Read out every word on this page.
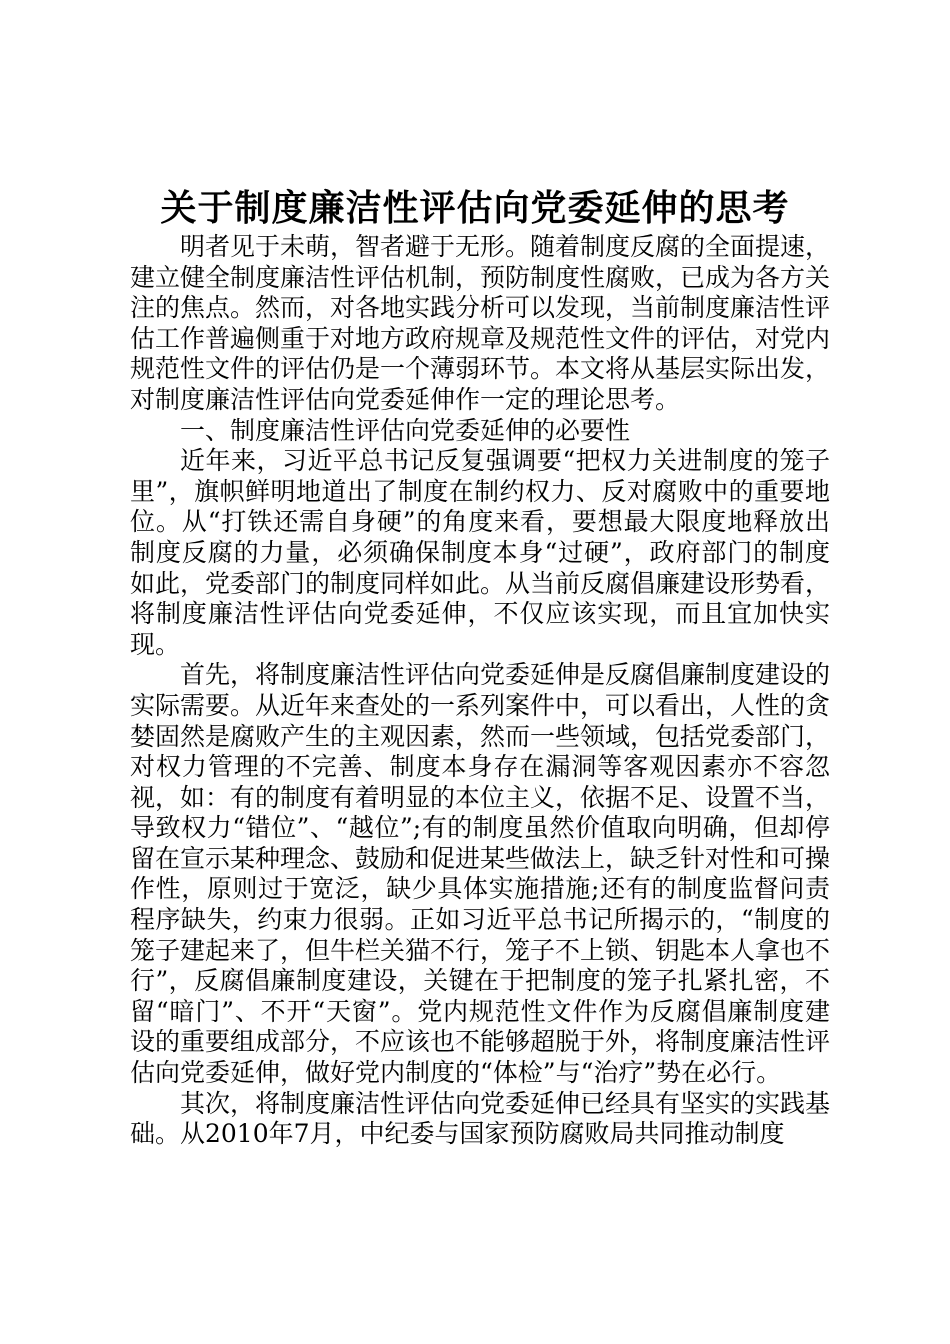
关于制度廉洁性评估向党委延伸的思考

明者见于未萌，智者避于无形。随着制度反腐的全面提速，建立健全制度廉洁性评估机制，预防制度性腐败，已成为各方关注的焦点。然而，对各地实践分析可以发现，当前制度廉洁性评估工作普遍侧重于对地方政府规章及规范性文件的评估，对党内规范性文件的评估仍是一个薄弱环节。本文将从基层实际出发，对制度廉洁性评估向党委延伸作一定的理论思考。

一、制度廉洁性评估向党委延伸的必要性

近年来，习近平总书记反复强调要“把权力关进制度的笼子里”，旗帜鲜明地道出了制度在制约权力、反对腐败中的重要地位。从“打铁还需自身硬”的角度来看，要想最大限度地释放出制度反腐的力量，必须确保制度本身“过硬”，政府部门的制度如此，党委部门的制度同样如此。从当前反腐倡廉建设形势看，将制度廉洁性评估向党委延伸，不仅应该实现，而且宜加快实现。

首先，将制度廉洁性评估向党委延伸是反腐倡廉制度建设的实际需要。从近年来查处的一系列案件中，可以看出，人性的贪婪固然是腐败产生的主观因素，然而一些领域，包括党委部门，对权力管理的不完善、制度本身存在漏洞等客观因素亦不容忽视，如：有的制度有着明显的本位主义，依据不足、设置不当，导致权力“错位”、“越位”;有的制度虽然价值取向明确，但却停留在宣示某种理念、鼓励和促进某些做法上，缺乏针对性和可操作性，原则过于宽泛，缺少具体实施措施;还有的制度监督问责程序缺失，约束力很弱。正如习近平总书记所揭示的，“制度的笼子建起来了，但牛栏关猫不行，笼子不上锁、钥匙本人拿也不行”，反腐倡廉制度建设，关键在于把制度的笼子扎紧扎密，不留“暗门”、不开“天窗”。党内规范性文件作为反腐倡廉制度建设的重要组成部分，不应该也不能够超脱于外，将制度廉洁性评估向党委延伸，做好党内制度的“体检”与“治疗”势在必行。

其次，将制度廉洁性评估向党委延伸已经具有坚实的实践基础。从2010年7月，中纪委与国家预防腐败局共同推动制度
